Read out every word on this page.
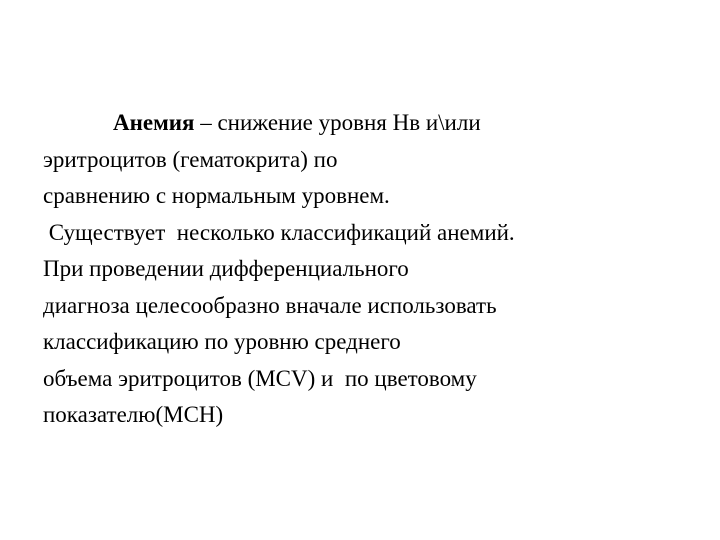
Анемия – снижение уровня Нв и\или
эритроцитов (гематокрита) по
сравнению с нормальным уровнем.
Существует  несколько классификаций анемий.
При проведении дифференциального
диагноза целесообразно вначале использовать
классификацию по уровню среднего
объема эритроцитов (MCV) и  по цветовому
показателю(MCH)
